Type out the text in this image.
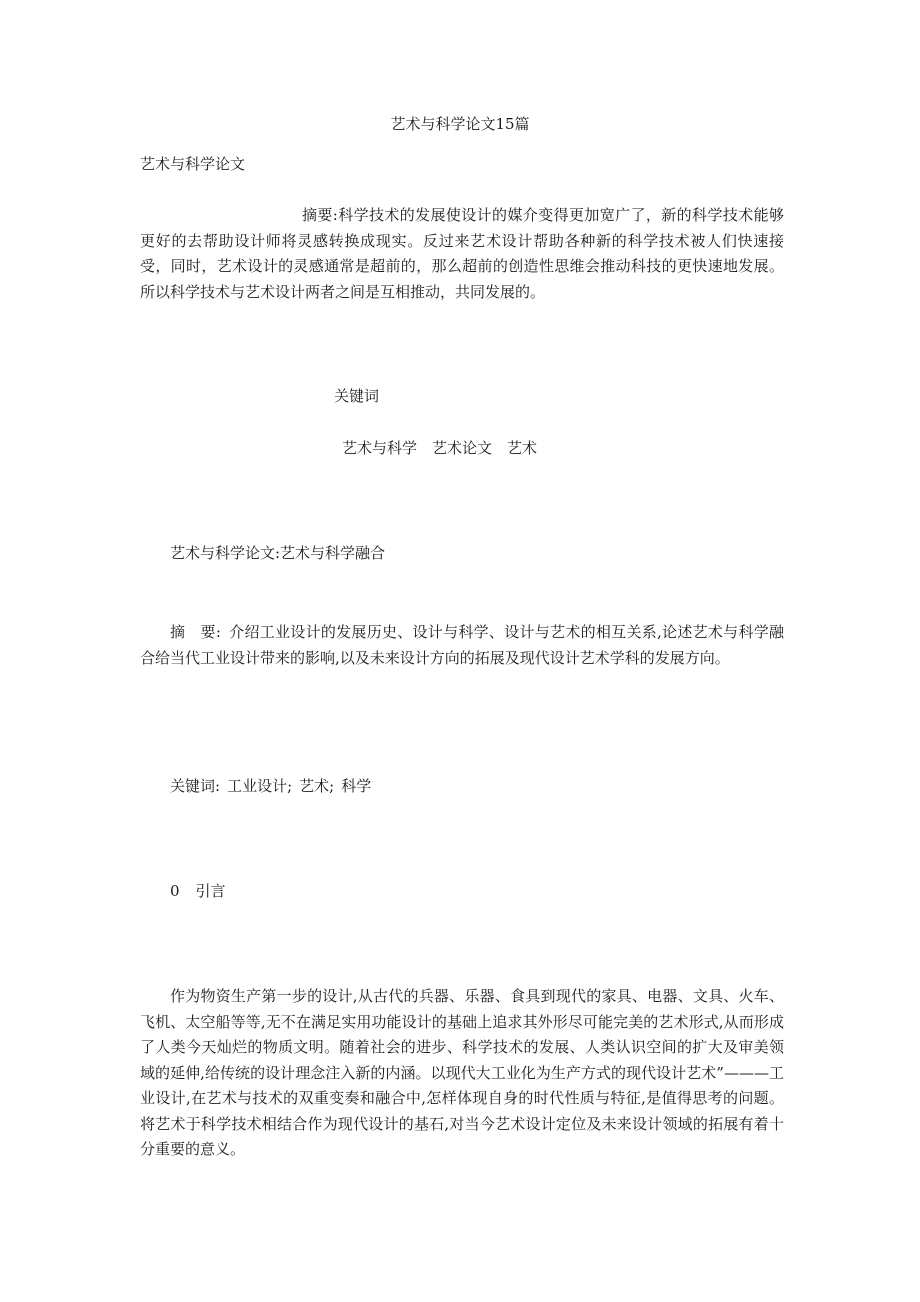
艺术与科学论文15篇

艺术与科学论文

摘要:科学技术的发展使设计的媒介变得更加宽广了，新的科学技术能够更好的去帮助设计师将灵感转换成现实。反过来艺术设计帮助各种新的科学技术被人们快速接受，同时，艺术设计的灵感通常是超前的，那么超前的创造性思维会推动科技的更快速地发展。所以科学技术与艺术设计两者之间是互相推动，共同发展的。

关键词

艺术与科学 艺术论文 艺术

艺术与科学论文:艺术与科学融合

摘　要: 介绍工业设计的发展历史、设计与科学、设计与艺术的相互关系,论述艺术与科学融合给当代工业设计带来的影响,以及未来设计方向的拓展及现代设计艺术学科的发展方向。

关键词: 工业设计; 艺术; 科学

0 引言

作为物资生产第一步的设计,从古代的兵器、乐器、食具到现代的家具、电器、文具、火车、飞机、太空船等等,无不在满足实用功能设计的基础上追求其外形尽可能完美的艺术形式,从而形成了人类今天灿烂的物质文明。随着社会的进步、科学技术的发展、人类认识空间的扩大及审美领域的延伸,给传统的设计理念注入新的内涵。以现代大工业化为生产方式的现代设计艺术”———工业设计,在艺术与技术的双重变奏和融合中,怎样体现自身的时代性质与特征,是值得思考的问题。将艺术于科学技术相结合作为现代设计的基石,对当今艺术设计定位及未来设计领域的拓展有着十分重要的意义。
